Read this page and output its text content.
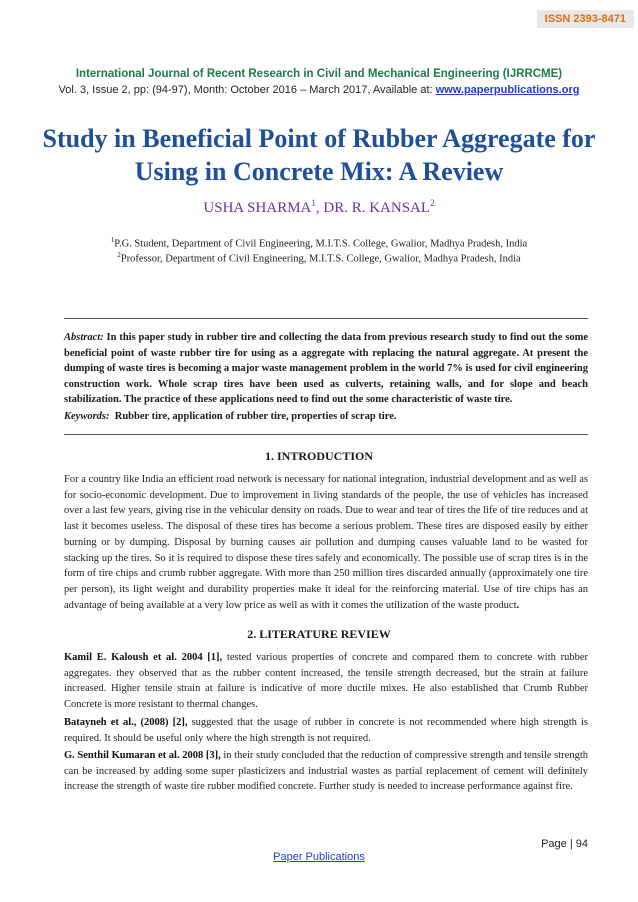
ISSN 2393-8471
International Journal of Recent Research in Civil and Mechanical Engineering (IJRRCME)
Vol. 3, Issue 2, pp: (94-97), Month: October 2016 – March 2017, Available at: www.paperpublications.org
Study in Beneficial Point of Rubber Aggregate for Using in Concrete Mix: A Review
USHA SHARMA$^1$, DR. R. KANSAL$^2$
$^1$P.G. Student, Department of Civil Engineering, M.I.T.S. College, Gwalior, Madhya Pradesh, India
$^2$Professor, Department of Civil Engineering, M.I.T.S. College, Gwalior, Madhya Pradesh, India
Abstract: In this paper study in rubber tire and collecting the data from previous research study to find out the some beneficial point of waste rubber tire for using as a aggregate with replacing the natural aggregate. At present the dumping of waste tires is becoming a major waste management problem in the world 7% is used for civil engineering construction work. Whole scrap tires have been used as culverts, retaining walls, and for slope and beach stabilization. The practice of these applications need to find out the some characteristic of waste tire.
Keywords: Rubber tire, application of rubber tire, properties of scrap tire.
1. INTRODUCTION
For a country like India an efficient road network is necessary for national integration, industrial development and as well as for socio-economic development. Due to improvement in living standards of the people, the use of vehicles has increased over a last few years, giving rise in the vehicular density on roads. Due to wear and tear of tires the life of tire reduces and at last it becomes useless. The disposal of these tires has become a serious problem. These tires are disposed easily by either burning or by dumping. Disposal by burning causes air pollution and dumping causes valuable land to be wasted for stacking up the tires. So it is required to dispose these tires safely and economically. The possible use of scrap tires is in the form of tire chips and crumb rubber aggregate. With more than 250 million tires discarded annually (approximately one tire per person), its light weight and durability properties make it ideal for the reinforcing material. Use of tire chips has an advantage of being available at a very low price as well as with it comes the utilization of the waste product.
2. LITERATURE REVIEW
Kamil E. Kaloush et al. 2004 [1], tested various properties of concrete and compared them to concrete with rubber aggregates. they observed that as the rubber content increased, the tensile strength decreased, but the strain at failure increased. Higher tensile strain at failure is indicative of more ductile mixes. He also established that Crumb Rubber Concrete is more resistant to thermal changes.
Batayneh et al., (2008) [2], suggested that the usage of rubber in concrete is not recommended where high strength is required. It should be useful only where the high strength is not required.
G. Senthil Kumaran et al. 2008 [3], in their study concluded that the reduction of compressive strength and tensile strength can be increased by adding some super plasticizers and industrial wastes as partial replacement of cement will definitely increase the strength of waste tire rubber modified concrete. Further study is needed to increase performance against fire.
Page | 94
Paper Publications
